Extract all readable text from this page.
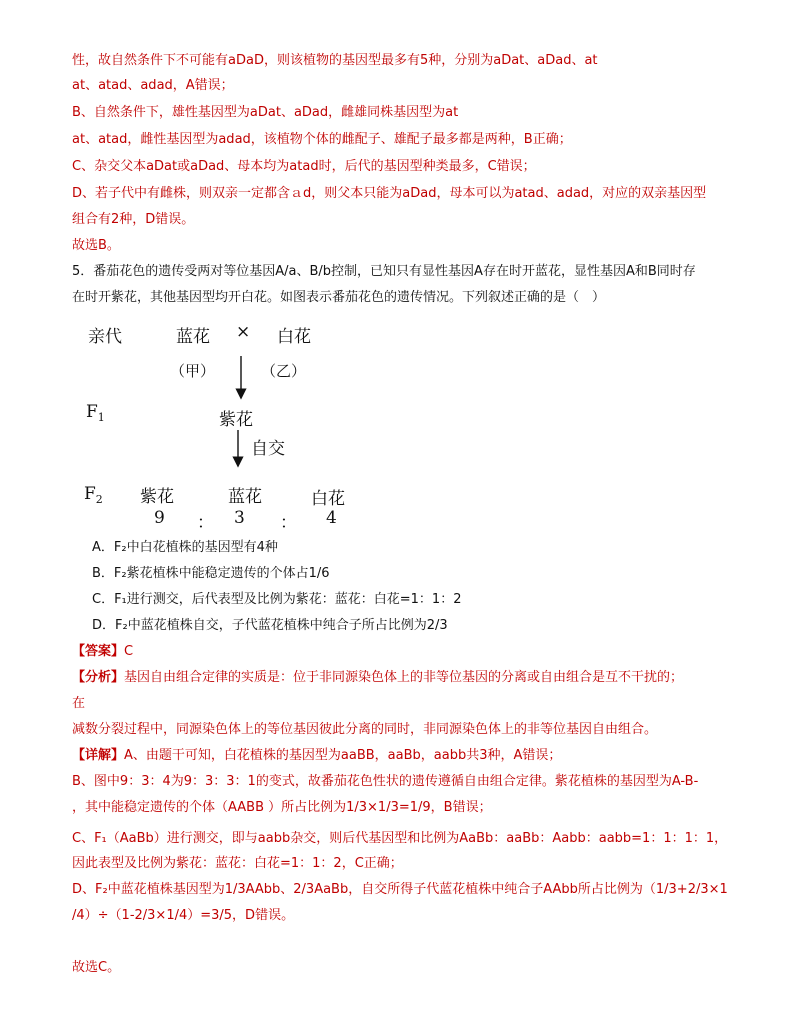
性，故自然条件下不可能有aDaD，则该植物的基因型最多有5种，分别为aDat、aDad、at
at、atad、adad，A错误；
B、自然条件下，雄性基因型为aDat、aDad，雌雄同株基因型为at
at、atad，雌性基因型为adad，该植物个体的雌配子、雄配子最多都是两种，B正确；
C、杂交父本aDat或aDad、母本均为atad时，后代的基因型种类最多，C错误；
D、若子代中有雌株，则双亲一定都含ａd，则父本只能为aDad，母本可以为atad、adad，对应的双亲基因型
组合有2种，D错误。
故选B。
5．番茄花色的遗传受两对等位基因A/a、B/b控制，已知只有显性基因A存在时开蓝花，显性基因A和B同时存
在时开紫花，其他基因型均开白花。如图表示番茄花色的遗传情况。下列叙述正确的是（　）
亲代	蓝花 × 白花
（甲）	（乙）
$F_1$	紫花
自交
$F_2$ 紫花	蓝花	白花
9 ： 3 ： 4
A．F₂中白花植株的基因型有4种
B．F₂紫花植株中能稳定遗传的个体占1/6
C．F₁进行测交，后代表型及比例为紫花：蓝花：白花=1：1：2
D．F₂中蓝花植株自交，子代蓝花植株中纯合子所占比例为2/3
【答案】C
【分析】基因自由组合定律的实质是：位于非同源染色体上的非等位基因的分离或自由组合是互不干扰的；
在
减数分裂过程中，同源染色体上的等位基因彼此分离的同时，非同源染色体上的非等位基因自由组合。
【详解】A、由题干可知，白花植株的基因型为aaBB，aaBb，aabb共3种，A错误；
B、图中9：3：4为9：3：3：1的变式，故番茄花色性状的遗传遵循自由组合定律。紫花植株的基因型为A-B-
，其中能稳定遗传的个体（AABB ）所占比例为1/3×1/3=1/9，B错误；
C、F₁（AaBb）进行测交，即与aabb杂交，则后代基因型和比例为AaBb：aaBb：Aabb：aabb=1：1：1：1，
因此表型及比例为紫花：蓝花：白花=1：1：2，C正确；
D、F₂中蓝花植株基因型为1/3AAbb、2/3AaBb，自交所得子代蓝花植株中纯合子AAbb所占比例为（1/3+2/3×1
/4）÷（1-2/3×1/4）=3/5，D错误。
故选C。
